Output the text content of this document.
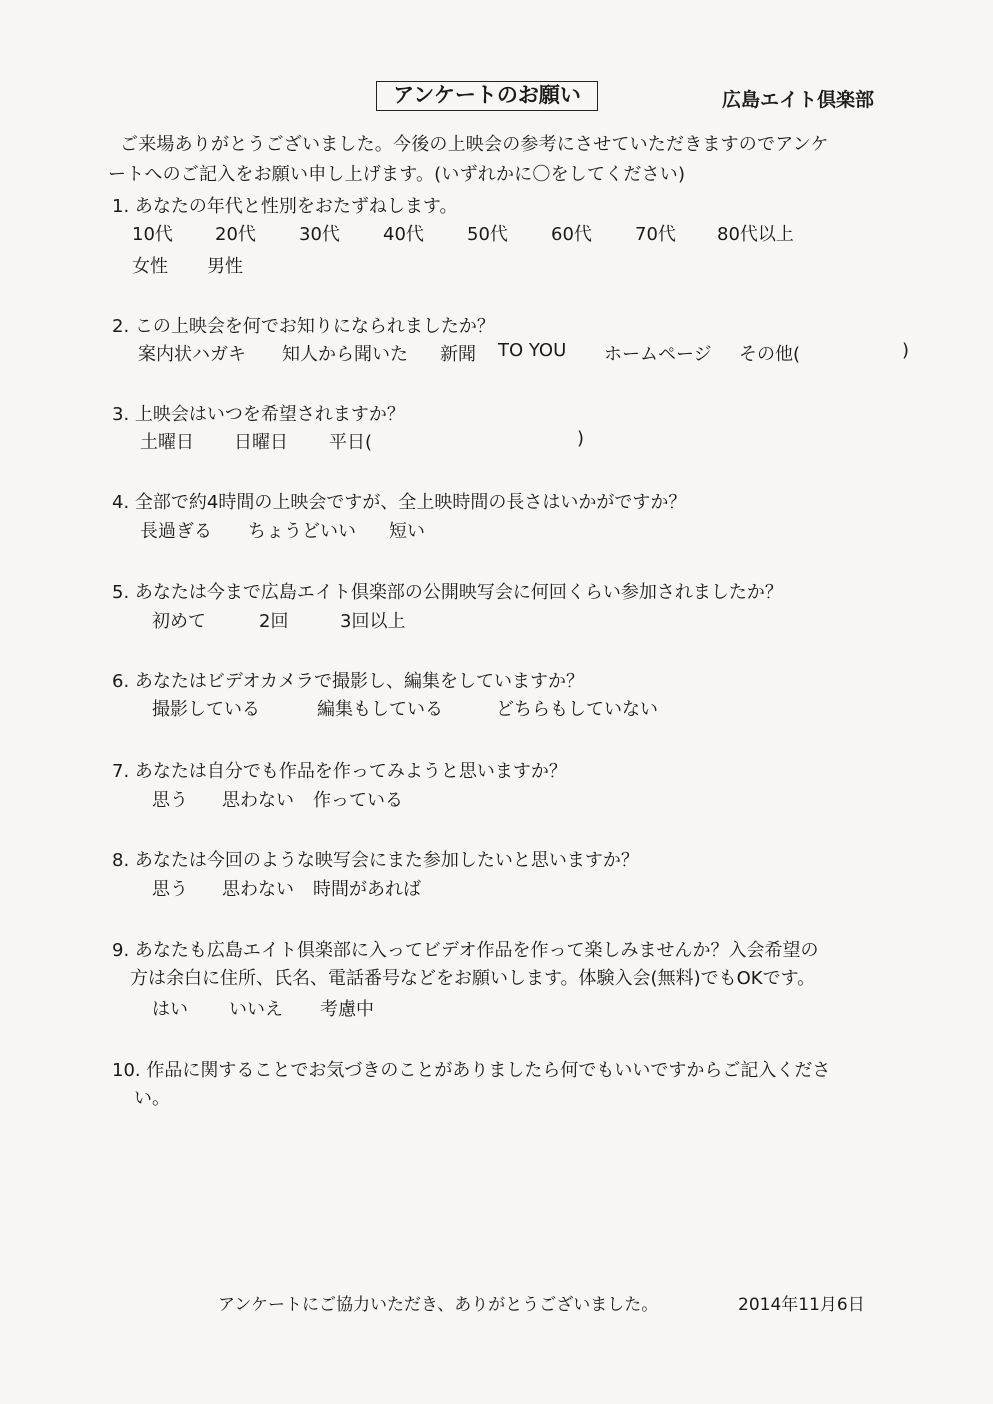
アンケートのお願い	広島エイト倶楽部
ご来場ありがとうございました。今後の上映会の参考にさせていただきますのでアンケ
ートへのご記入をお願い申し上げます。(いずれかに〇をしてください)
1. あなたの年代と性別をおたずねします。
10代 20代 30代 40代 50代 60代 70代 80代以上
女性 男性
2. この上映会を何でお知りになられましたか？
案内状ハガキ 知人から聞いた 新聞 TO YOU ホームページ その他(	)
3. 上映会はいつを希望されますか？
土曜日 日曜日 平日(	)
4. 全部で約4時間の上映会ですが、全上映時間の長さはいかがですか？
長過ぎる ちょうどいい 短い
5. あなたは今まで広島エイト倶楽部の公開映写会に何回くらい参加されましたか？
初めて	2回	3回以上
6. あなたはビデオカメラで撮影し、編集をしていますか？
撮影している	編集もしている	どちらもしていない
7. あなたは自分でも作品を作ってみようと思いますか？
思う 思わない 作っている
8. あなたは今回のような映写会にまた参加したいと思いますか？
思う 思わない 時間があれば
9. あなたも広島エイト倶楽部に入ってビデオ作品を作って楽しみませんか？入会希望の
方は余白に住所、氏名、電話番号などをお願いします。体験入会(無料)でもOKです。
はい いいえ 考慮中
10. 作品に関することでお気づきのことがありましたら何でもいいですからご記入くださ
い。
アンケートにご協力いただき、ありがとうございました。	2014年11月6日
